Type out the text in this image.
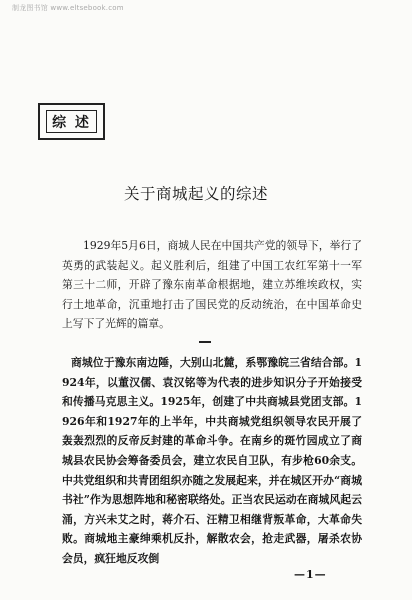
制龙图书馆 www.eltsebook.com
综 述
关于商城起义的综述

1929年5月6日，商城人民在中国共产党的领导下，举行了英勇的武装起义。起义胜利后，组建了中国工农红军第十一军第三十二师，开辟了豫东南革命根据地，建立苏维埃政权，实行土地革命，沉重地打击了国民党的反动统治，在中国革命史上写下了光辉的篇章。

商城位于豫东南边陲，大别山北麓，系鄂豫皖三省结合部。1924年，以董汉儒、袁汉铭等为代表的进步知识分子开始接受和传播马克思主义。1925年，创建了中共商城县党团支部。1926年和1927年的上半年，中共商城党组织领导农民开展了轰轰烈烈的反帝反封建的革命斗争。在南乡的斑竹园成立了商城县农民协会筹备委员会，建立农民自卫队，有步枪60余支。中共党组织和共青团组织亦随之发展起来，并在城区开办“商城书社”作为思想阵地和秘密联络处。正当农民运动在商城风起云涌，方兴未艾之时，蒋介石、汪精卫相继背叛革命，大革命失败。商城地主豪绅乘机反扑，解散农会，抢走武器，屠杀农协会员，疯狂地反攻倒

—1—
